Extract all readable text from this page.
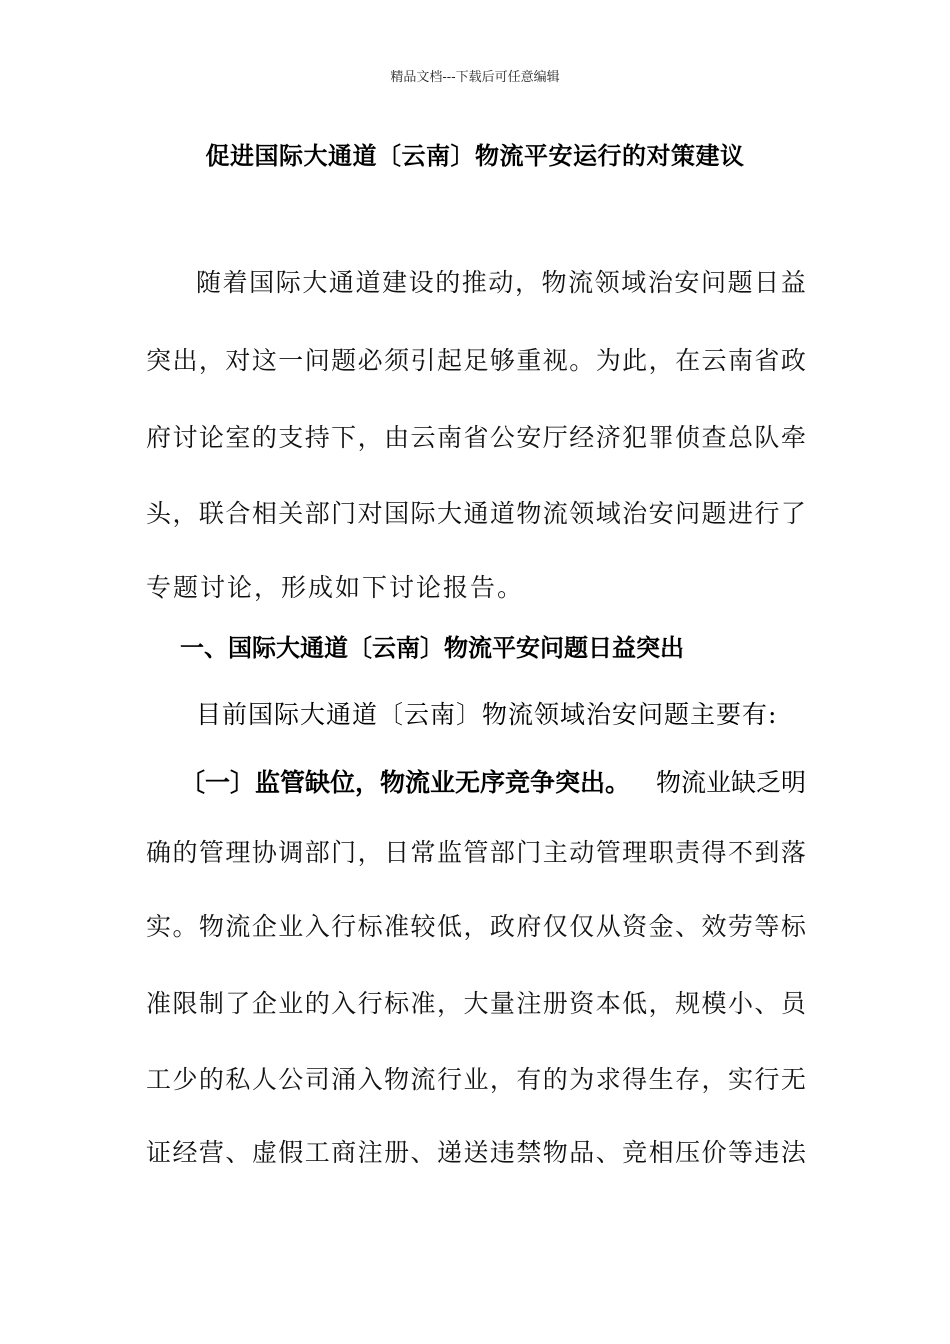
精品文档---下载后可任意编辑
促进国际大通道〔云南〕物流平安运行的对策建议
随 着 国 际 大 通 道 建 设 的 推 动 ， 物 流 领 域 治 安 问 题 日 益
突 出 ， 对 这 一 问 题 必 须 引 起 足 够 重 视 。 为 此 ， 在 云 南 省 政
府 讨 论 室 的 支 持 下 ， 由 云 南 省 公 安 厅 经 济 犯 罪 侦 查 总 队 牵
头 ， 联 合 相 关 部 门 对 国 际 大 通 道 物 流 领 域 治 安 问 题 进 行 了
专题讨论，形成如下讨论报告。
一、国际大通道〔云南〕物流平安问题日益突出
目前国际大通道〔云南〕物流领域治安问题主要有:
〔一〕监管缺位，物流业无序竞争突出。 物流业缺乏明
确 的 管 理 协 调 部 门 ， 日 常 监 管 部 门 主 动 管 理 职 责 得 不 到 落
实 。 物 流 企 业 入 行 标 准 较 低 ， 政 府 仅 仅 从 资 金 、 效 劳 等 标
准 限 制 了 企 业 的 入 行 标 准 ， 大 量 注 册 资 本 低 ， 规 模 小 、 员
工 少 的 私 人 公 司 涌 入 物 流 行 业 ， 有 的 为 求 得 生 存 ， 实 行 无
证 经 营 、 虚 假 工 商 注 册 、 递 送 违 禁 物 品 、 竞 相 压 价 等 违 法
